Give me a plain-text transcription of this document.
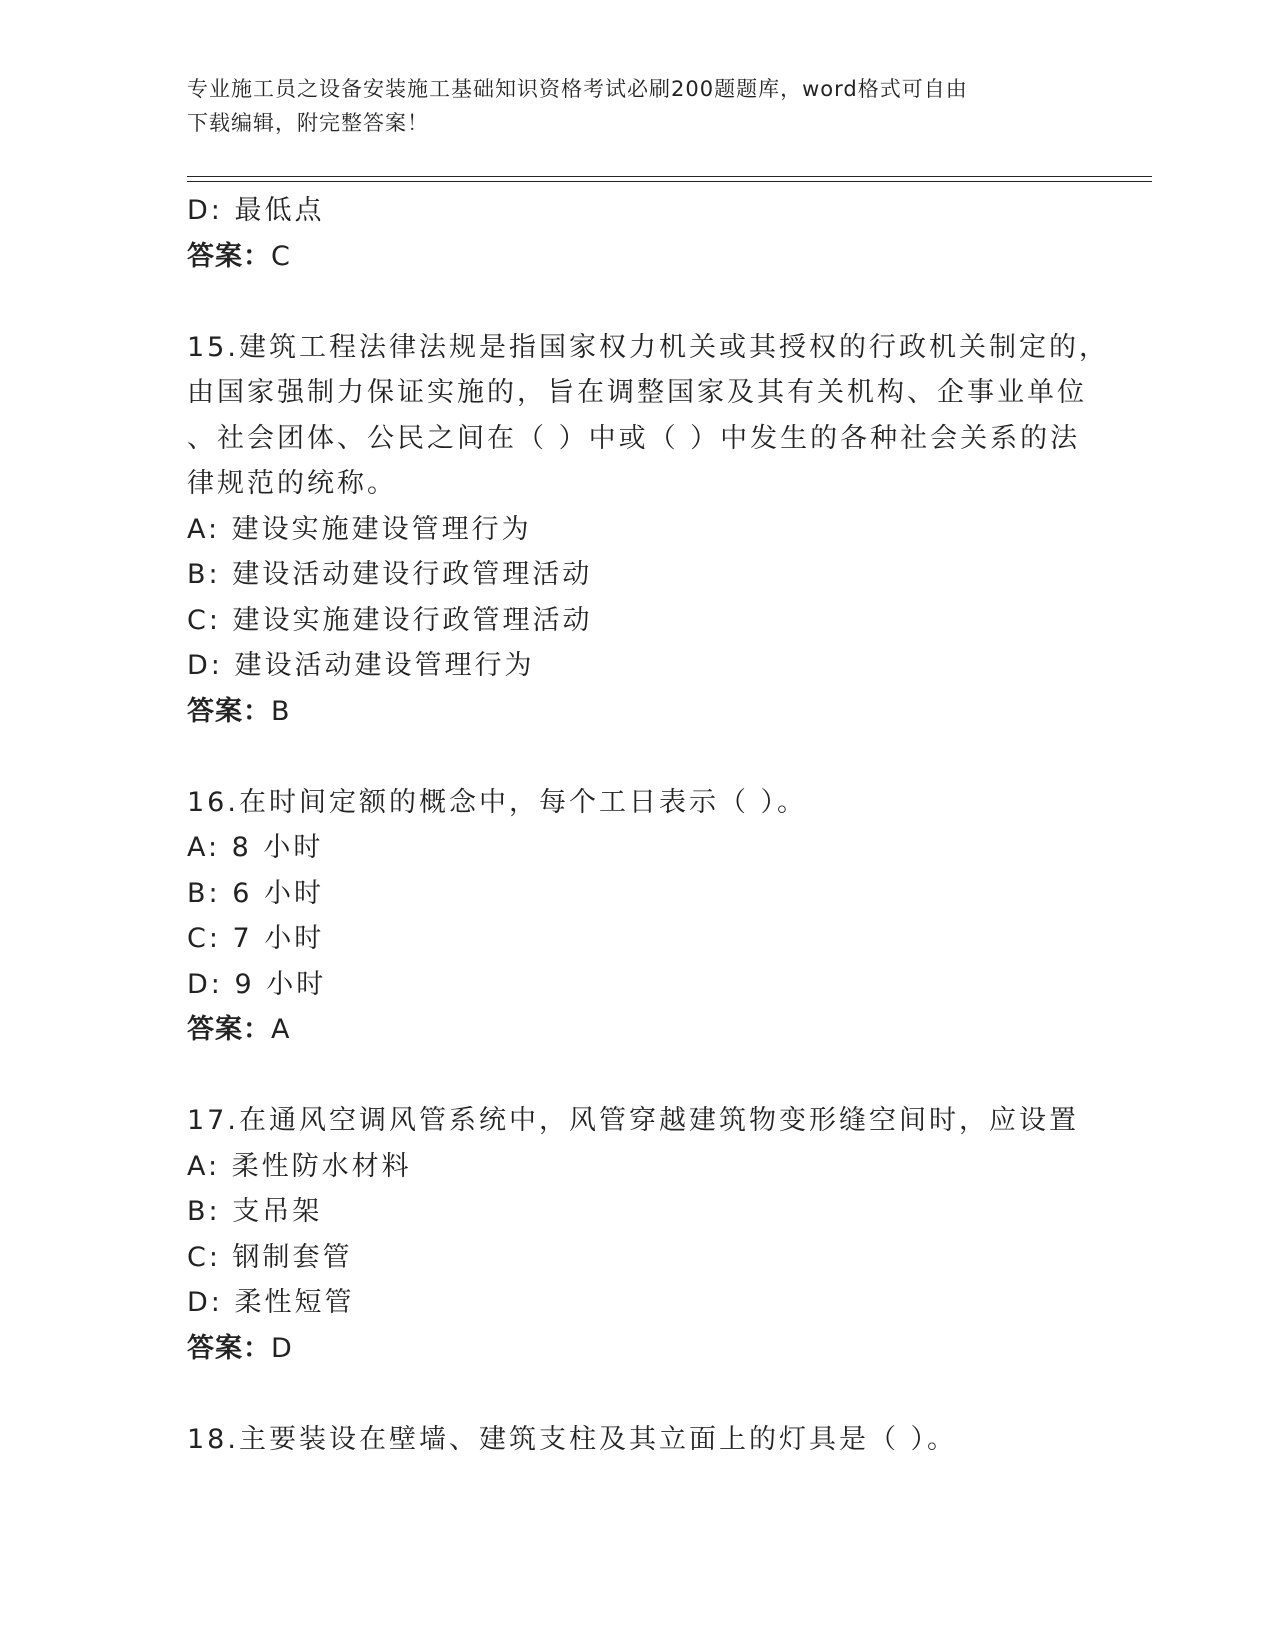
专业施工员之设备安装施工基础知识资格考试必刷200题题库，word格式可自由
下载编辑，附完整答案！

D: 最低点

答案：C

15.建筑工程法律法规是指国家权力机关或其授权的行政机关制定的，

由国家强制力保证实施的，旨在调整国家及其有关机构、企事业单位

、社会团体、公民之间在（ ）中或（ ）中发生的各种社会关系的法

律规范的统称。

A: 建设实施建设管理行为

B: 建设活动建设行政管理活动

C: 建设实施建设行政管理活动

D: 建设活动建设管理行为

答案：B

16.在时间定额的概念中，每个工日表示（ ）。

A: 8 小时

B: 6 小时

C: 7 小时

D: 9 小时

答案：A

17.在通风空调风管系统中，风管穿越建筑物变形缝空间时，应设置

A: 柔性防水材料

B: 支吊架

C: 钢制套管

D: 柔性短管

答案：D

18.主要装设在壁墙、建筑支柱及其立面上的灯具是（ ）。
